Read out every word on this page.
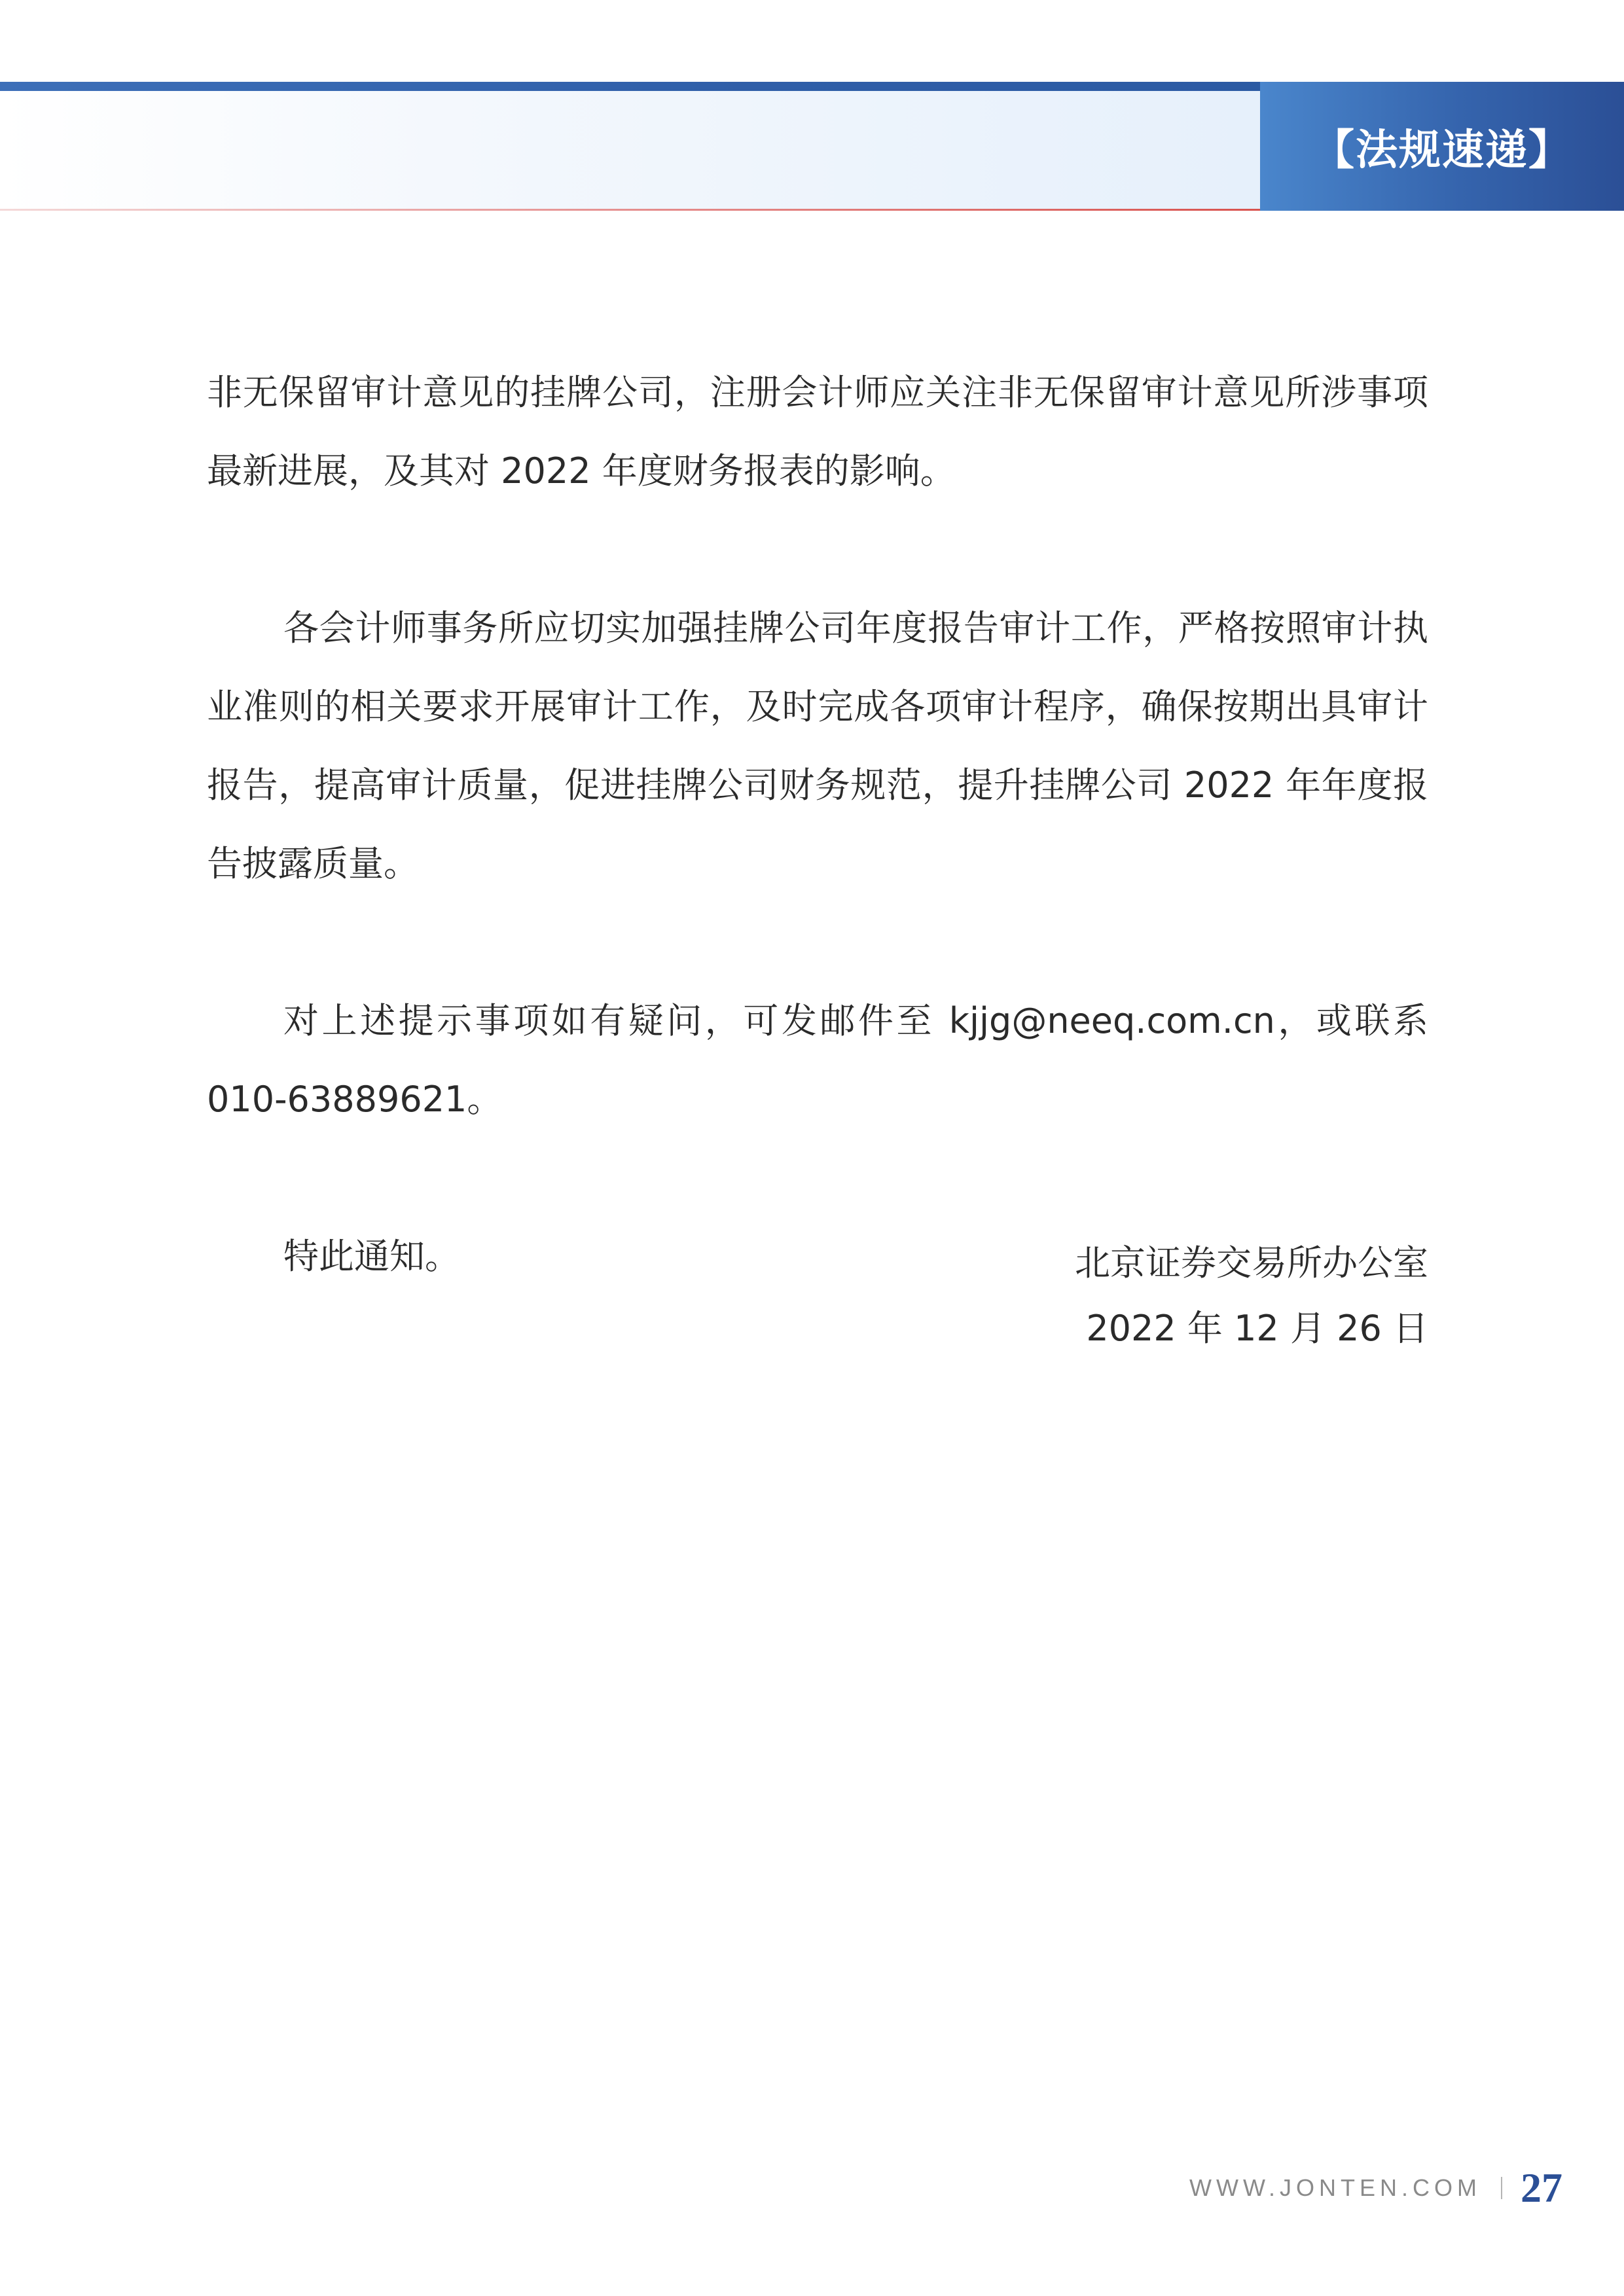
【法规速递】

非无保留审计意见的挂牌公司，注册会计师应关注非无保留审计意见所涉事项最新进展，及其对 2022 年度财务报表的影响。

各会计师事务所应切实加强挂牌公司年度报告审计工作，严格按照审计执业准则的相关要求开展审计工作，及时完成各项审计程序，确保按期出具审计报告，提高审计质量，促进挂牌公司财务规范，提升挂牌公司 2022 年年度报告披露质量。

对上述提示事项如有疑问，可发邮件至 kjjg@neeq.com.cn，或联系 010-63889621。

特此通知。	北京证券交易所办公室
2022 年 12 月 26 日
WWW.JONTEN.COM 27
